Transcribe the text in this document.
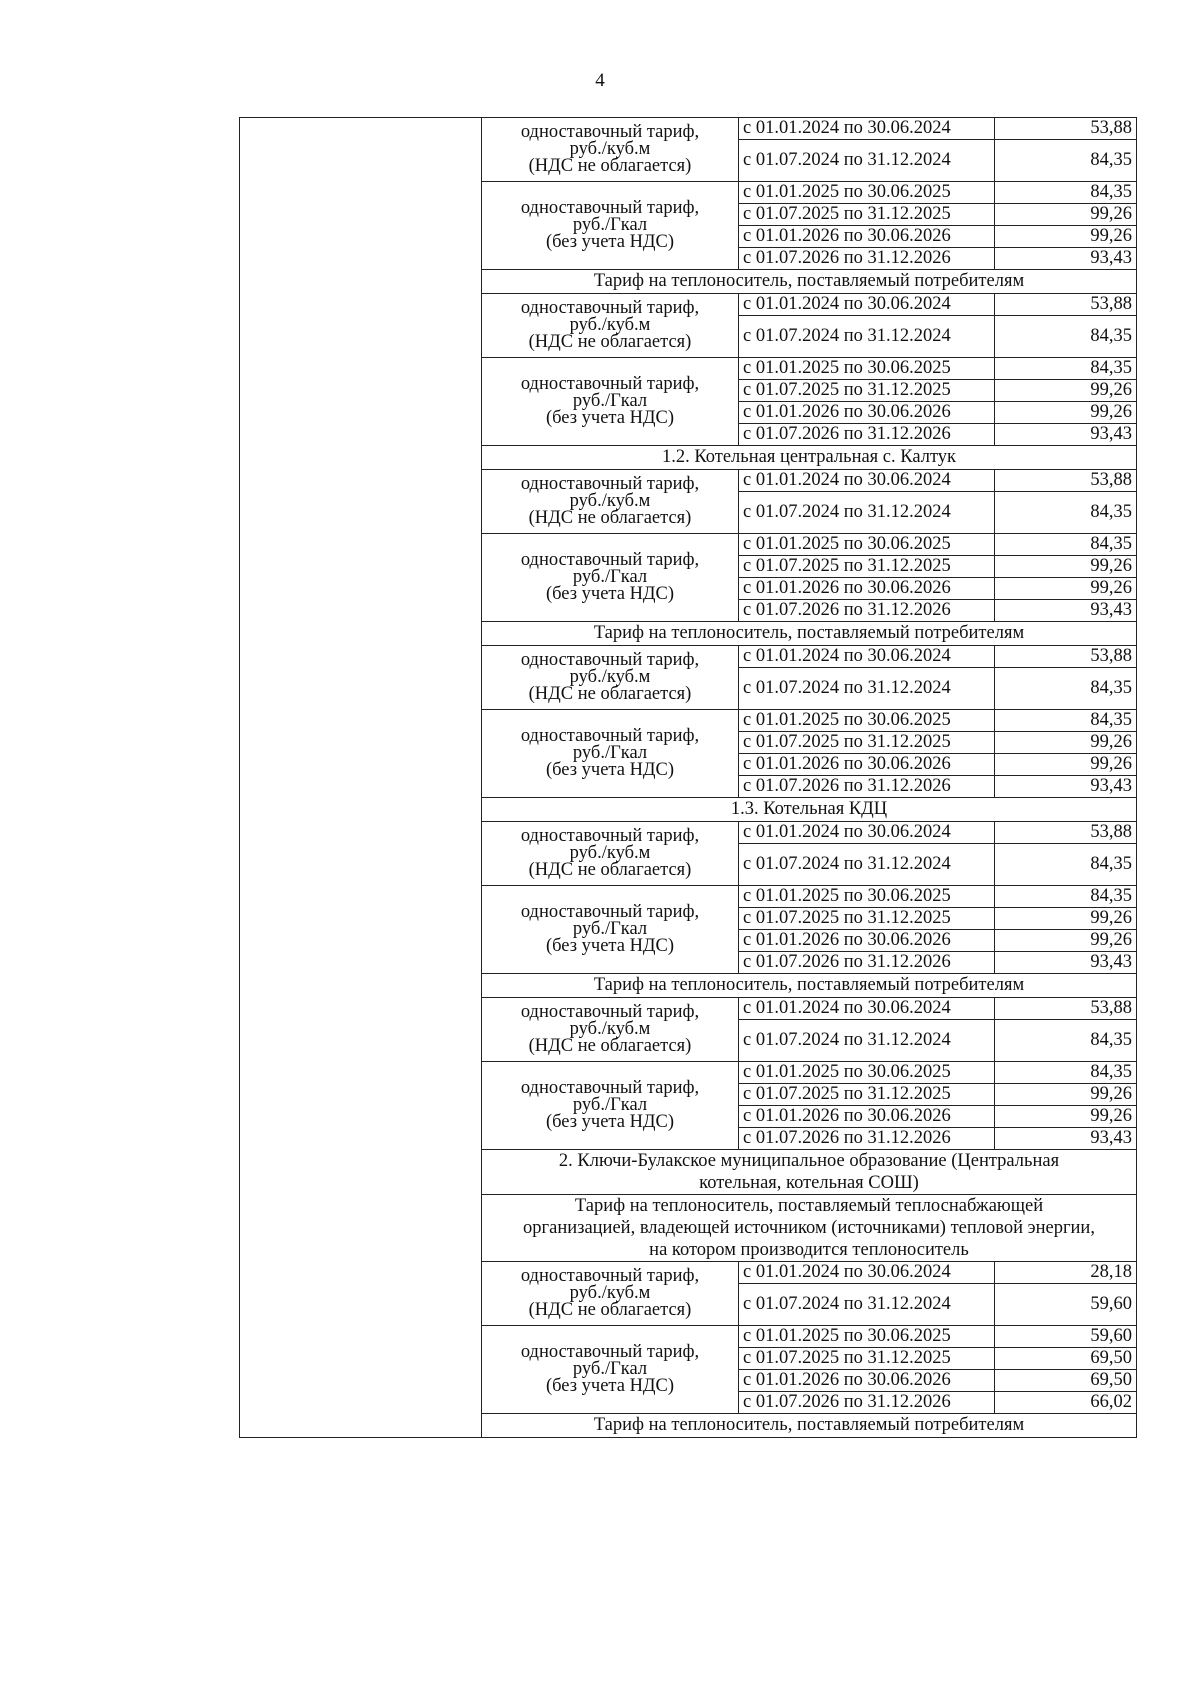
4

	одноставочный тариф,
руб./куб.м
(НДС не облагается)	с 01.01.2024 по 30.06.2024	53,88
		с 01.07.2024 по 31.12.2024	84,35

	одноставочный тариф,
руб./Гкал
(без учета НДС)	с 01.01.2025 по 30.06.2025	84,35
		с 01.07.2025 по 31.12.2025	99,26
		с 01.01.2026 по 30.06.2026	99,26
		с 01.07.2026 по 31.12.2026	93,43
	Тариф на теплоноситель, поставляемый потребителям		

	одноставочный тариф,
руб./куб.м
(НДС не облагается)	с 01.01.2024 по 30.06.2024	53,88
		с 01.07.2024 по 31.12.2024	84,35

	одноставочный тариф,
руб./Гкал
(без учета НДС)	с 01.01.2025 по 30.06.2025	84,35
		с 01.07.2025 по 31.12.2025	99,26
		с 01.01.2026 по 30.06.2026	99,26
		с 01.07.2026 по 31.12.2026	93,43
	1.2. Котельная центральная с. Калтук		

	одноставочный тариф,
руб./куб.м
(НДС не облагается)	с 01.01.2024 по 30.06.2024	53,88
		с 01.07.2024 по 31.12.2024	84,35

	одноставочный тариф,
руб./Гкал
(без учета НДС)	с 01.01.2025 по 30.06.2025	84,35
		с 01.07.2025 по 31.12.2025	99,26
		с 01.01.2026 по 30.06.2026	99,26
		с 01.07.2026 по 31.12.2026	93,43
	Тариф на теплоноситель, поставляемый потребителям		

	одноставочный тариф,
руб./куб.м
(НДС не облагается)	с 01.01.2024 по 30.06.2024	53,88
		с 01.07.2024 по 31.12.2024	84,35

	одноставочный тариф,
руб./Гкал
(без учета НДС)	с 01.01.2025 по 30.06.2025	84,35
		с 01.07.2025 по 31.12.2025	99,26
		с 01.01.2026 по 30.06.2026	99,26
		с 01.07.2026 по 31.12.2026	93,43
	1.3. Котельная КДЦ		

	одноставочный тариф,
руб./куб.м
(НДС не облагается)	с 01.01.2024 по 30.06.2024	53,88
		с 01.07.2024 по 31.12.2024	84,35

	одноставочный тариф,
руб./Гкал
(без учета НДС)	с 01.01.2025 по 30.06.2025	84,35
		с 01.07.2025 по 31.12.2025	99,26
		с 01.01.2026 по 30.06.2026	99,26
		с 01.07.2026 по 31.12.2026	93,43
	Тариф на теплоноситель, поставляемый потребителям		

	одноставочный тариф,
руб./куб.м
(НДС не облагается)	с 01.01.2024 по 30.06.2024	53,88
		с 01.07.2024 по 31.12.2024	84,35

	одноставочный тариф,
руб./Гкал
(без учета НДС)	с 01.01.2025 по 30.06.2025	84,35
		с 01.07.2025 по 31.12.2025	99,26
		с 01.01.2026 по 30.06.2026	99,26
		с 01.07.2026 по 31.12.2026	93,43

	2. Ключи-Булакское муниципальное образование (Центральная
котельная, котельная СОШ)		

	Тариф на теплоноситель, поставляемый теплоснабжающей
организацией, владеющей источником (источниками) тепловой энергии,
на котором производится теплоноситель		

	одноставочный тариф,
руб./куб.м
(НДС не облагается)	с 01.01.2024 по 30.06.2024	28,18
		с 01.07.2024 по 31.12.2024	59,60

	одноставочный тариф,
руб./Гкал
(без учета НДС)	с 01.01.2025 по 30.06.2025	59,60
		с 01.07.2025 по 31.12.2025	69,50
		с 01.01.2026 по 30.06.2026	69,50
		с 01.07.2026 по 31.12.2026	66,02
	Тариф на теплоноситель, поставляемый потребителям		
